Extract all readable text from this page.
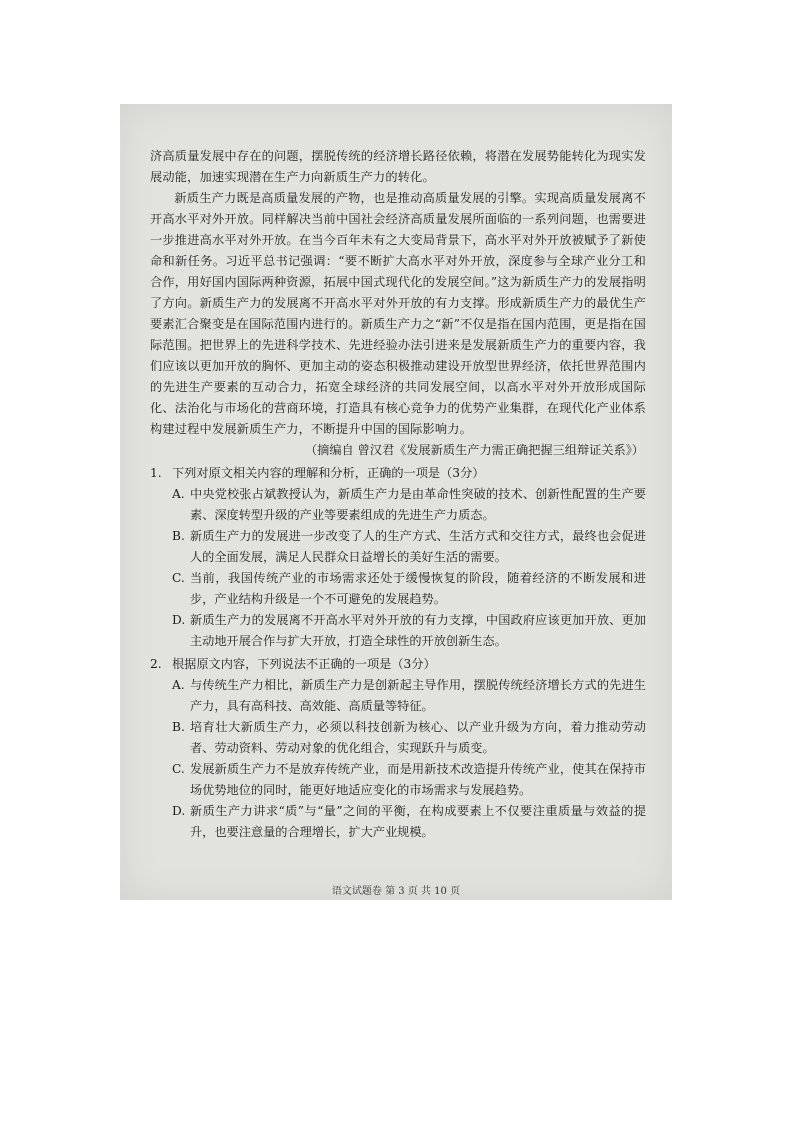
济高质量发展中存在的问题，摆脱传统的经济增长路径依赖，将潜在发展势能转化为现实发展动能，加速实现潜在生产力向新质生产力的转化。

新质生产力既是高质量发展的产物，也是推动高质量发展的引擎。实现高质量发展离不开高水平对外开放。同样解决当前中国社会经济高质量发展所面临的一系列问题，也需要进一步推进高水平对外开放。在当今百年未有之大变局背景下，高水平对外开放被赋予了新使命和新任务。习近平总书记强调：“要不断扩大高水平对外开放，深度参与全球产业分工和合作，用好国内国际两种资源，拓展中国式现代化的发展空间。”这为新质生产力的发展指明了方向。新质生产力的发展离不开高水平对外开放的有力支撑。形成新质生产力的最优生产要素汇合聚变是在国际范围内进行的。新质生产力之“新”不仅是指在国内范围，更是指在国际范围。把世界上的先进科学技术、先进经验办法引进来是发展新质生产力的重要内容，我们应该以更加开放的胸怀、更加主动的姿态积极推动建设开放型世界经济，依托世界范围内的先进生产要素的互动合力，拓宽全球经济的共同发展空间，以高水平对外开放形成国际化、法治化与市场化的营商环境，打造具有核心竞争力的优势产业集群，在现代化产业体系构建过程中发展新质生产力，不断提升中国的国际影响力。

（摘编自 曾汉君《发展新质生产力需正确把握三组辩证关系》）

1. 下列对原文相关内容的理解和分析，正确的一项是（3分）
A. 中央党校张占斌教授认为，新质生产力是由革命性突破的技术、创新性配置的生产要素、深度转型升级的产业等要素组成的先进生产力质态。
B. 新质生产力的发展进一步改变了人的生产方式、生活方式和交往方式，最终也会促进人的全面发展，满足人民群众日益增长的美好生活的需要。
C. 当前，我国传统产业的市场需求还处于缓慢恢复的阶段，随着经济的不断发展和进步，产业结构升级是一个不可避免的发展趋势。
D. 新质生产力的发展离不开高水平对外开放的有力支撑，中国政府应该更加开放、更加主动地开展合作与扩大开放，打造全球性的开放创新生态。
2. 根据原文内容，下列说法不正确的一项是（3分）
A. 与传统生产力相比，新质生产力是创新起主导作用，摆脱传统经济增长方式的先进生产力，具有高科技、高效能、高质量等特征。
B. 培育壮大新质生产力，必须以科技创新为核心、以产业升级为方向，着力推动劳动者、劳动资料、劳动对象的优化组合，实现跃升与质变。
C. 发展新质生产力不是放弃传统产业，而是用新技术改造提升传统产业，使其在保持市场优势地位的同时，能更好地适应变化的市场需求与发展趋势。
D. 新质生产力讲求“质”与“量”之间的平衡，在构成要素上不仅要注重质量与效益的提升，也要注意量的合理增长，扩大产业规模。
语文试题卷 第 3 页 共 10 页
